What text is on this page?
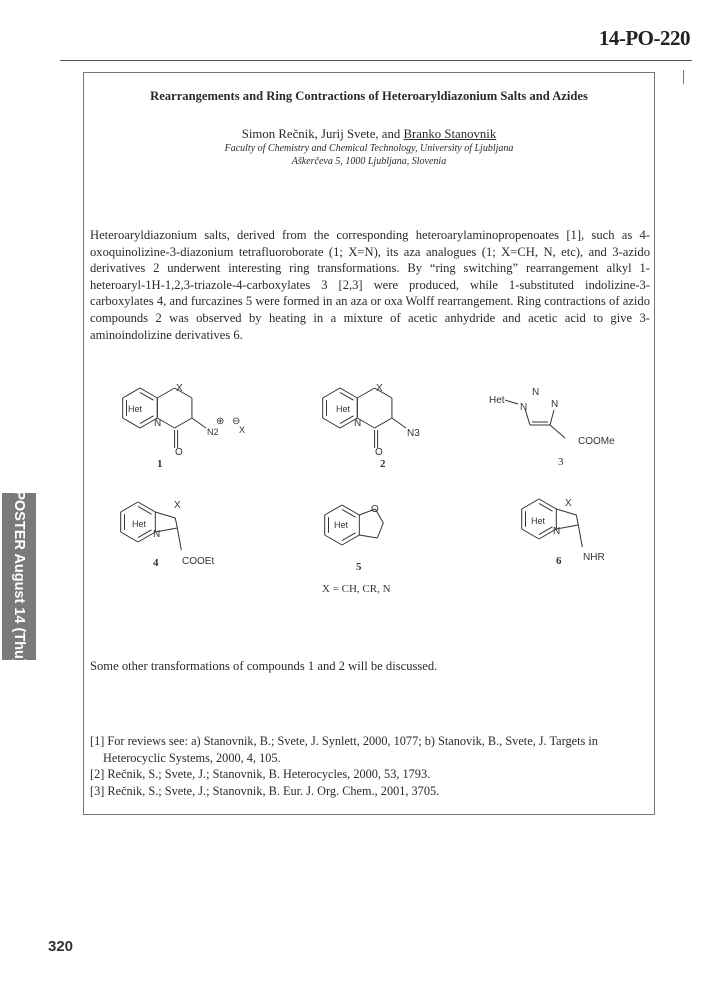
14-PO-220
Rearrangements and Ring Contractions of Heteroaryldiazonium Salts and Azides
Simon Rečnik, Jurij Svete, and Branko Stanovnik
Faculty of Chemistry and Chemical Technology, University of Ljubljana
Aškerčeva 5, 1000 Ljubljana, Slovenia
Heteroaryldiazonium salts, derived from the corresponding heteroarylaminopropenoates [1], such as 4-oxoquinolizine-3-diazonium tetrafluoroborate (1; X=N), its aza analogues (1; X=CH, N, etc), and 3-azido derivatives 2 underwent interesting ring transformations. By “ring switching” rearrangement alkyl 1-heteroaryl-1H-1,2,3-triazole-4-carboxylates 3 [2,3] were produced, while 1-substituted indolizine-3-carboxylates 4, and furcazines 5 were formed in an aza or oxa Wolff rearrangement. Ring contractions of azido compounds 2 was observed by heating in a mixture of acetic anhydride and acetic acid to give 3-aminoindolizine derivatives 6.
Het
X
N
O
N2
⊕ ⊖
X
1
Het
X
N
O
N3
2
Het
N
N
N
COOMe
3
Het
X
N
COOEt
4
Het
O
5
Het
X
N
NHR
6
X = CH, CR, N
Some other transformations of compounds 1 and 2 will be discussed.
[1] For reviews see: a) Stanovnik, B.; Svete, J. Synlett, 2000, 1077; b) Stanovik, B., Svete, J. Targets in Heterocyclic Systems, 2000, 4, 105.
[2] Rečnik, S.; Svete, J.; Stanovnik, B. Heterocycles, 2000, 53, 1793.
[3] Rečnik, S.; Svete, J.; Stanovnik, B. Eur. J. Org. Chem., 2001, 3705.
POSTER August 14 (Thu)
320
